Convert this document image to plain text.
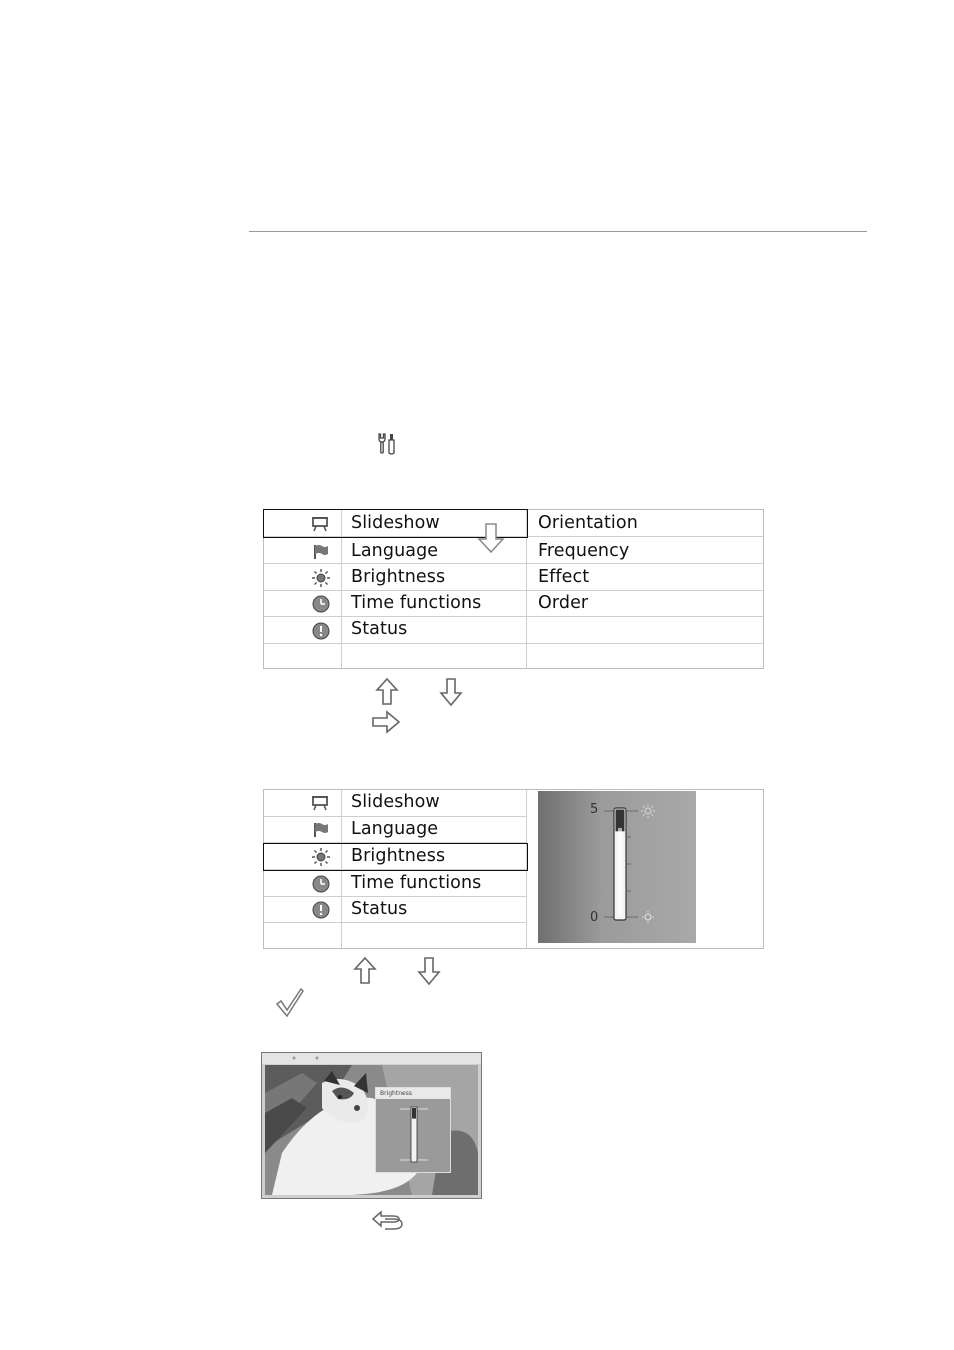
Slideshow
Language
Brightness
Time functions
Status
Orientation
Frequency
Effect
Order
Slideshow
Language
Brightness
Time functions
Status
5
0
Brightness
